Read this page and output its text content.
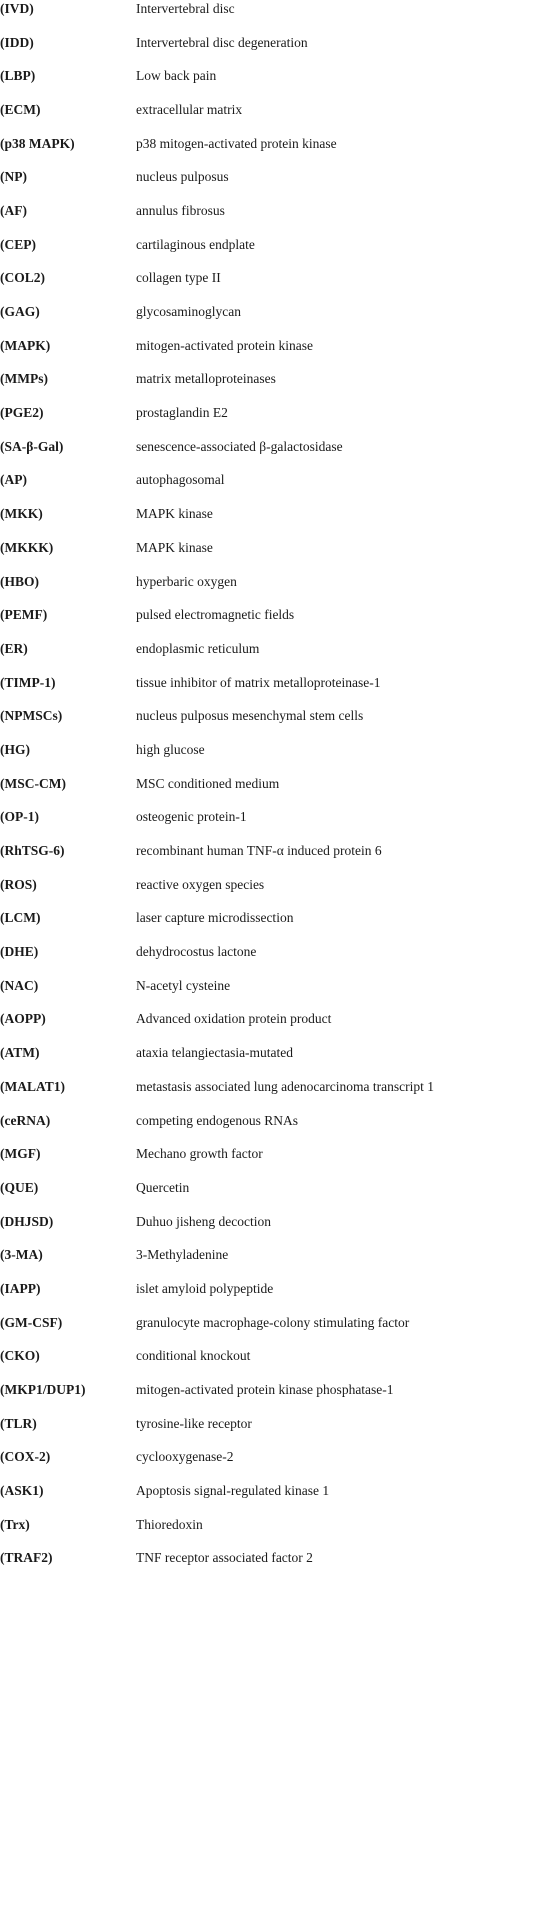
(IVD)	Intervertebral disc
(IDD)	Intervertebral disc degeneration
(LBP)	Low back pain
(ECM)	extracellular matrix
(p38 MAPK)	p38 mitogen-activated protein kinase
(NP)	nucleus pulposus
(AF)	annulus fibrosus
(CEP)	cartilaginous endplate
(COL2)	collagen type II
(GAG)	glycosaminoglycan
(MAPK)	mitogen-activated protein kinase
(MMPs)	matrix metalloproteinases
(PGE2)	prostaglandin E2
(SA-β-Gal)	senescence-associated β-galactosidase
(AP)	autophagosomal
(MKK)	MAPK kinase
(MKKK)	MAPK kinase
(HBO)	hyperbaric oxygen
(PEMF)	pulsed electromagnetic fields
(ER)	endoplasmic reticulum
(TIMP-1)	tissue inhibitor of matrix metalloproteinase-1
(NPMSCs)	nucleus pulposus mesenchymal stem cells
(HG)	high glucose
(MSC-CM)	MSC conditioned medium
(OP-1)	osteogenic protein-1
(RhTSG-6)	recombinant human TNF-α induced protein 6
(ROS)	reactive oxygen species
(LCM)	laser capture microdissection
(DHE)	dehydrocostus lactone
(NAC)	N-acetyl cysteine
(AOPP)	Advanced oxidation protein product
(ATM)	ataxia telangiectasia-mutated
(MALAT1)	metastasis associated lung adenocarcinoma transcript 1
(ceRNA)	competing endogenous RNAs
(MGF)	Mechano growth factor
(QUE)	Quercetin
(DHJSD)	Duhuo jisheng decoction
(3-MA)	3-Methyladenine
(IAPP)	islet amyloid polypeptide
(GM-CSF)	granulocyte macrophage-colony stimulating factor
(CKO)	conditional knockout
(MKP1/DUP1)	mitogen-activated protein kinase phosphatase-1
(TLR)	tyrosine-like receptor
(COX-2)	cyclooxygenase-2
(ASK1)	Apoptosis signal-regulated kinase 1
(Trx)	Thioredoxin
(TRAF2)	TNF receptor associated factor 2
